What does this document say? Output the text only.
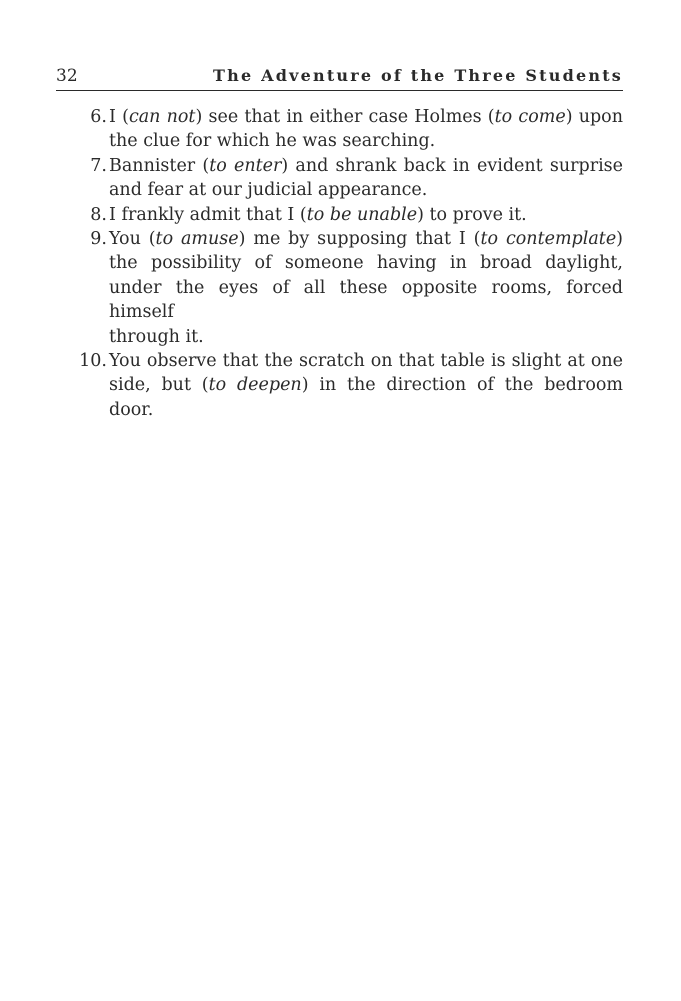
32	The Adventure of the Three Students
6. I (can not) see that in either case Holmes (to come) upon
the clue for which he was searching.
7. Bannister (to enter) and shrank back in evident surprise
and fear at our judicial appearance.
8. I frankly admit that I (to be unable) to prove it.
9. You (to amuse) me by supposing that I (to contemplate)
the possibility of someone having in broad daylight,
under the eyes of all these opposite rooms, forced himself
through it.
10. You observe that the scratch on that table is slight at one
side, but (to deepen) in the direction of the bedroom
door.
